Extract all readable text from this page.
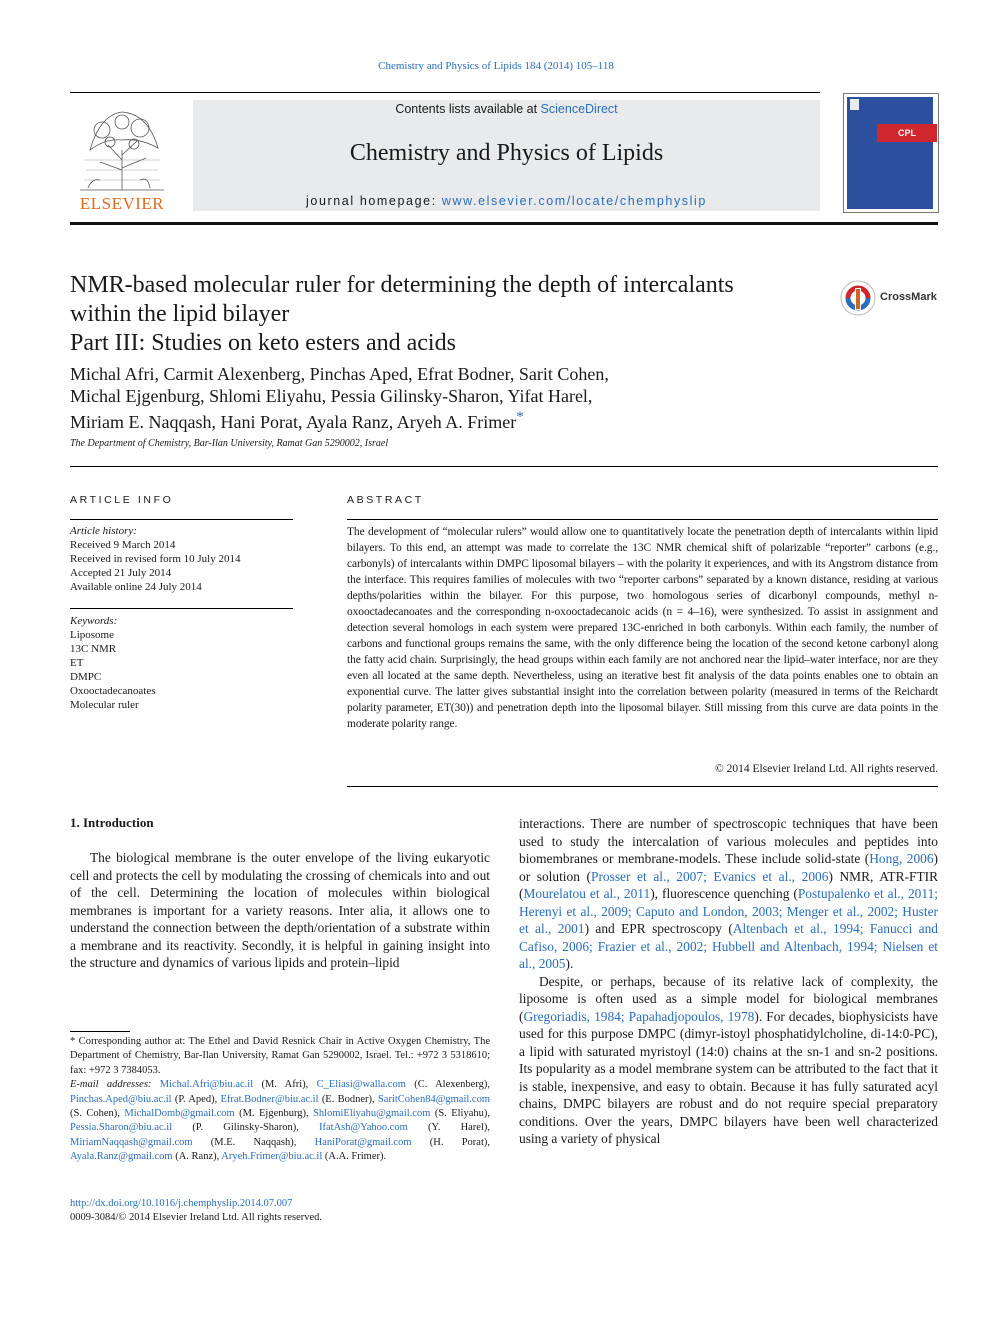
Chemistry and Physics of Lipids 184 (2014) 105–118
ELSEVIER
Contents lists available at ScienceDirect
Chemistry and Physics of Lipids
journal homepage: www.elsevier.com/locate/chemphyslip
CPL
NMR-based molecular ruler for determining the depth of intercalants
within the lipid bilayer
Part III: Studies on keto esters and acids
CrossMark
Michal Afri, Carmit Alexenberg, Pinchas Aped, Efrat Bodner, Sarit Cohen,
Michal Ejgenburg, Shlomi Eliyahu, Pessia Gilinsky-Sharon, Yifat Harel,
Miriam E. Naqqash, Hani Porat, Ayala Ranz, Aryeh A. Frimer*
The Department of Chemistry, Bar-Ilan University, Ramat Gan 5290002, Israel
ARTICLE INFO
Article history:
Received 9 March 2014
Received in revised form 10 July 2014
Accepted 21 July 2014
Available online 24 July 2014
Keywords:
Liposome
13C NMR
ET
DMPC
Oxooctadecanoates
Molecular ruler
ABSTRACT
The development of “molecular rulers” would allow one to quantitatively locate the penetration depth of intercalants within lipid bilayers. To this end, an attempt was made to correlate the 13C NMR chemical shift of polarizable “reporter” carbons (e.g., carbonyls) of intercalants within DMPC liposomal bilayers – with the polarity it experiences, and with its Angstrom distance from the interface. This requires families of molecules with two “reporter carbons” separated by a known distance, residing at various depths/polarities within the bilayer. For this purpose, two homologous series of dicarbonyl compounds, methyl n-oxooctadecanoates and the corresponding n-oxooctadecanoic acids (n = 4–16), were synthesized. To assist in assignment and detection several homologs in each system were prepared 13C-enriched in both carbonyls. Within each family, the number of carbons and functional groups remains the same, with the only difference being the location of the second ketone carbonyl along the fatty acid chain. Surprisingly, the head groups within each family are not anchored near the lipid–water interface, nor are they even all located at the same depth. Nevertheless, using an iterative best fit analysis of the data points enables one to obtain an exponential curve. The latter gives substantial insight into the correlation between polarity (measured in terms of the Reichardt polarity parameter, ET(30)) and penetration depth into the liposomal bilayer. Still missing from this curve are data points in the moderate polarity range.
© 2014 Elsevier Ireland Ltd. All rights reserved.
1. Introduction

The biological membrane is the outer envelope of the living eukaryotic cell and protects the cell by modulating the crossing of chemicals into and out of the cell. Determining the location of molecules within biological membranes is important for a variety reasons. Inter alia, it allows one to understand the connection between the depth/orientation of a substrate within a membrane and its reactivity. Secondly, it is helpful in gaining insight into the structure and dynamics of various lipids and protein–lipid

interactions. There are number of spectroscopic techniques that have been used to study the intercalation of various molecules and peptides into biomembranes or membrane-models. These include solid-state (Hong, 2006) or solution (Prosser et al., 2007; Evanics et al., 2006) NMR, ATR-FTIR (Mourelatou et al., 2011), fluorescence quenching (Postupalenko et al., 2011; Herenyi et al., 2009; Caputo and London, 2003; Menger et al., 2002; Huster et al., 2001) and EPR spectroscopy (Altenbach et al., 1994; Fanucci and Cafiso, 2006; Frazier et al., 2002; Hubbell and Altenbach, 1994; Nielsen et al., 2005).

Despite, or perhaps, because of its relative lack of complexity, the liposome is often used as a simple model for biological membranes (Gregoriadis, 1984; Papahadjopoulos, 1978). For decades, biophysicists have used for this purpose DMPC (dimyr-istoyl phosphatidylcholine, di-14:0-PC), a lipid with saturated myristoyl (14:0) chains at the sn-1 and sn-2 positions. Its popularity as a model membrane system can be attributed to the fact that it is stable, inexpensive, and easy to obtain. Because it has fully saturated acyl chains, DMPC bilayers are robust and do not require special preparatory conditions. Over the years, DMPC bilayers have been well characterized using a variety of physical

* Corresponding author at: The Ethel and David Resnick Chair in Active Oxygen Chemistry, The Department of Chemistry, Bar-Ilan University, Ramat Gan 5290002, Israel. Tel.: +972 3 5318610; fax: +972 3 7384053.
E-mail addresses: Michal.Afri@biu.ac.il (M. Afri), C_Eliasi@walla.com (C. Alexenberg), Pinchas.Aped@biu.ac.il (P. Aped), Efrat.Bodner@biu.ac.il (E. Bodner), SaritCohen84@gmail.com (S. Cohen), MichalDomb@gmail.com (M. Ejgenburg), ShlomiEliyahu@gmail.com (S. Eliyahu), Pessia.Sharon@biu.ac.il (P. Gilinsky-Sharon), IfatAsh@Yahoo.com (Y. Harel), MiriamNaqqash@gmail.com (M.E. Naqqash), HaniPorat@gmail.com (H. Porat), Ayala.Ranz@gmail.com (A. Ranz), Aryeh.Frimer@biu.ac.il (A.A. Frimer).
http://dx.doi.org/10.1016/j.chemphyslip.2014.07.007
0009-3084/© 2014 Elsevier Ireland Ltd. All rights reserved.
